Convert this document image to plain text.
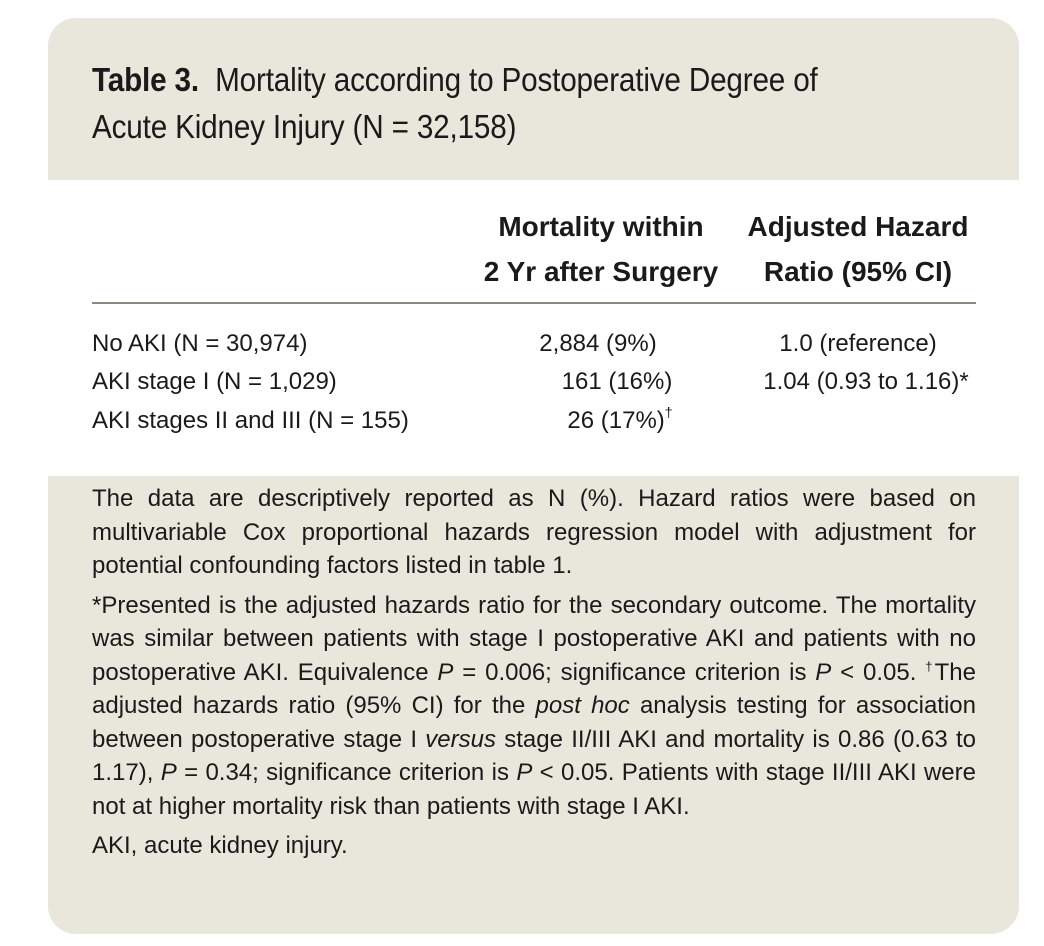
Table 3. Mortality according to Postoperative Degree of
Acute Kidney Injury (N = 32,158)
Mortality within
2 Yr after Surgery
Adjusted Hazard
Ratio (95% CI)
No AKI (N = 30,974)	2,884 (9%)	1.0 (reference)
AKI stage I (N = 1,029)	161 (16%)	1.04 (0.93 to 1.16)*
AKI stages II and III (N = 155)	26 (17%)†

The data are descriptively reported as N (%). Hazard ratios were based on multivariable Cox proportional hazards regression model with adjustment for potential confounding factors listed in table 1.

*Presented is the adjusted hazards ratio for the secondary outcome. The mortality was similar between patients with stage I postoperative AKI and patients with no postoperative AKI. Equivalence P = 0.006; significance criterion is P < 0.05. †The adjusted hazards ratio (95% CI) for the post hoc analysis testing for association between postoperative stage I versus stage II/III AKI and mortality is 0.86 (0.63 to 1.17), P = 0.34; significance criterion is P < 0.05. Patients with stage II/III AKI were not at higher mortality risk than patients with stage I AKI.

AKI, acute kidney injury.
